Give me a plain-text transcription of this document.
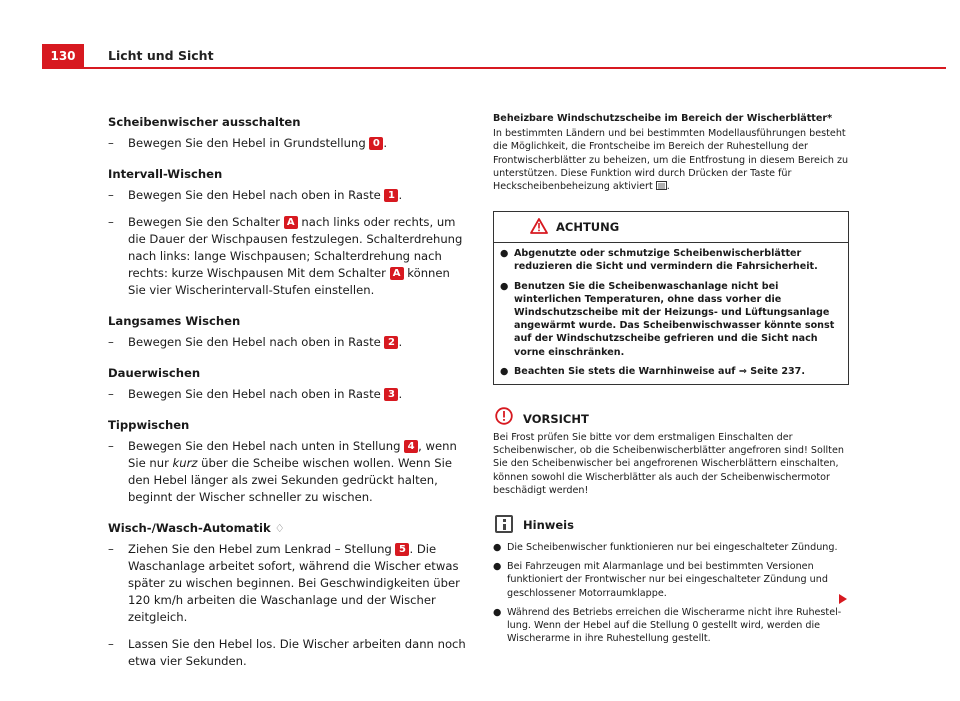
130	Licht und Sicht
Scheibenwischer ausschalten
– Bewegen Sie den Hebel in Grundstellung 0 .
Intervall-Wischen
– Bewegen Sie den Hebel nach oben in Raste 1 .
– Bewegen Sie den Schalter A nach links oder rechts, um die Dauer der Wischpausen festzulegen. Schalterdrehung nach links: lange Wischpausen; Schalterdrehung nach rechts: kurze Wischpausen Mit dem Schalter A können Sie vier Wischerintervall-Stufen einstellen.
Langsames Wischen
– Bewegen Sie den Hebel nach oben in Raste 2 .
Dauerwischen
– Bewegen Sie den Hebel nach oben in Raste 3 .
Tippwischen
– Bewegen Sie den Hebel nach unten in Stellung 4 , wenn Sie nur kurz über die Scheibe wischen wollen. Wenn Sie den Hebel länger als zwei Sekunden gedrückt halten, beginnt der Wischer schneller zu wischen.
Wisch-/Wasch-Automatik ♢
– Ziehen Sie den Hebel zum Lenkrad – Stellung 5 . Die Waschanlage arbeitet sofort, während die Wischer etwas später zu wischen beginnen. Bei Geschwindigkeiten über 120 km/h arbeiten die Waschanlage und der Wischer zeitgleich.
– Lassen Sie den Hebel los. Die Wischer arbeiten dann noch etwa vier Sekunden.
Beheizbare Windschutzscheibe im Bereich der Wischerblätter*
In bestimmten Ländern und bei bestimmten Modellausführungen besteht die Möglichkeit, die Frontscheibe im Bereich der Ruhestellung der Frontwischerblätter zu beheizen, um die Entfrostung in diesem Bereich zu unterstützen. Diese Funktion wird durch Drücken der Taste für Heckscheibenbeheizung aktiviert .
ACHTUNG
● Abgenutzte oder schmutzige Scheibenwischerblätter reduzieren die Sicht und vermindern die Fahrsicherheit.
● Benutzen Sie die Scheibenwaschanlage nicht bei winterlichen Temperaturen, ohne dass vorher die Windschutzscheibe mit der Heizungs- und Lüftungsanlage angewärmt wurde. Das Scheibenwischwasser könnte sonst auf der Windschutzscheibe gefrieren und die Sicht nach vorne einschränken.
● Beachten Sie stets die Warnhinweise auf ⇒ Seite 237.
VORSICHT
Bei Frost prüfen Sie bitte vor dem erstmaligen Einschalten der Scheibenwischer, ob die Scheibenwischerblätter angefroren sind! Sollten Sie den Scheibenwischer bei angefrorenen Wischerblättern einschalten, können sowohl die Wischerblätter als auch der Scheibenwischermotor beschädigt werden!
Hinweis
● Die Scheibenwischer funktionieren nur bei eingeschalteter Zündung.
● Bei Fahrzeugen mit Alarmanlage und bei bestimmten Versionen funktioniert der Frontwischer nur bei eingeschalteter Zündung und geschlossener Motorraumklappe.
● Während des Betriebs erreichen die Wischerarme nicht ihre Ruhestellung. Wenn der Hebel auf die Stellung 0 gestellt wird, werden die Wischerarme in ihre Ruhestellung gestellt.
